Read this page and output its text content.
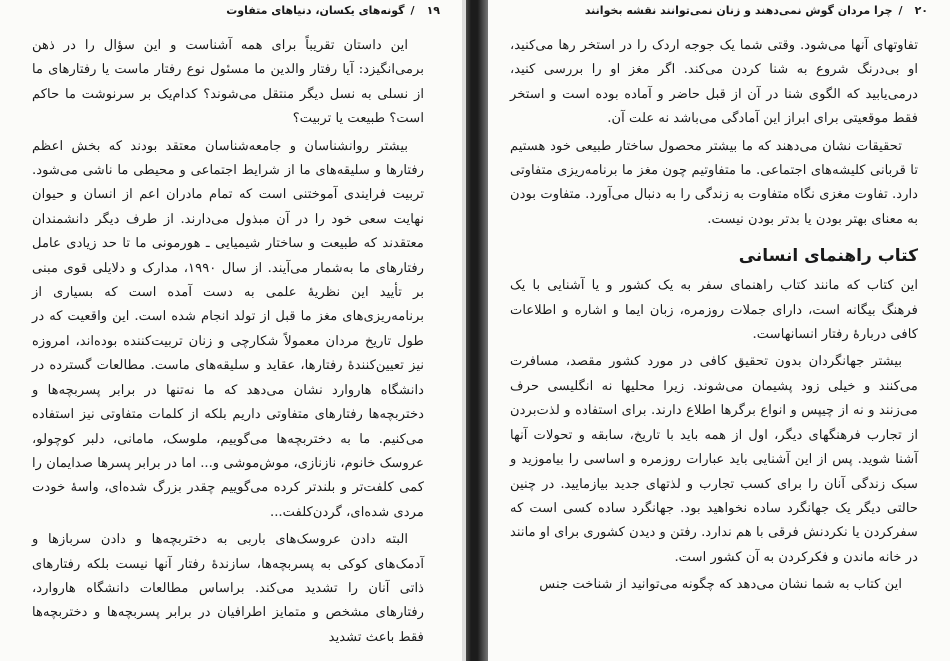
۱۹/گونه‌های یکسان، دنیاهای متفاوت

این داستان تقریباً برای همه آشناست و این سؤال را در ذهن برمی‌انگیزد: آیا رفتار والدین ما مسئول نوع رفتار ماست یا رفتارهای ما از نسلی به نسل دیگر منتقل می‌شوند؟ کدام‌یک بر سرنوشت ما حاکم است؟ طبیعت یا تربیت؟

بیشتر روانشناسان و جامعه‌شناسان معتقد بودند که بخش اعظم رفتارها و سلیقه‌های ما از شرایط اجتماعی و محیطی ما ناشی می‌شود. تربیت فرایندی آموختنی است که تمام مادران اعم از انسان و حیوان نهایت سعی خود را در آن مبذول می‌دارند. از طرف دیگر دانشمندان معتقدند که طبیعت و ساختار شیمیایی ـ هورمونی ما تا حد زیادی عامل رفتارهای ما به‌شمار می‌آیند. از سال ۱۹۹۰، مدارک و دلایلی قوی مبنی بر تأیید این نظریهٔ علمی به دست آمده است که بسیاری از برنامه‌ریزی‌های مغز ما قبل از تولد انجام شده است. این واقعیت که در طول تاریخ مردان معمولاً شکارچی و زنان تربیت‌کننده بوده‌اند، امروزه نیز تعیین‌کنندهٔ رفتارها، عقاید و سلیقه‌های ماست. مطالعات گسترده در دانشگاه هاروارد نشان می‌دهد که ما نه‌تنها در برابر پسربچه‌ها و دختربچه‌ها رفتارهای متفاوتی داریم بلکه از کلمات متفاوتی نیز استفاده می‌کنیم. ما به دختربچه‌ها می‌گوییم، ملوسک، مامانی، دلبر کوچولو، عروسک خانوم، نازنازی، موش‌موشی و... اما در برابر پسرها صدایمان را کمی کلفت‌تر و بلندتر کرده می‌گوییم چقدر بزرگ شده‌ای، واسهٔ خودت مردی شده‌ای، گردن‌کلفت...

البته دادن عروسک‌های باربی به دختربچه‌ها و دادن سربازها و آدمک‌های کوکی به پسربچه‌ها، سازندهٔ رفتار آنها نیست بلکه رفتارهای ذاتی آنان را تشدید می‌کند. براساس مطالعات دانشگاه هاروارد، رفتارهای مشخص و متمایز اطرافیان در برابر پسربچه‌ها و دختربچه‌ها فقط باعث تشدید

۲۰/چرا مردان گوش نمی‌دهند و زنان نمی‌توانند نقشه بخوانند

تفاوتهای آنها می‌شود. وقتی شما یک جوجه اردک را در استخر رها می‌کنید، او بی‌درنگ شروع به شنا کردن می‌کند. اگر مغز او را بررسی کنید، درمی‌یابید که الگوی شنا در آن از قبل حاضر و آماده بوده است و استخر فقط موقعیتی برای ابراز این آمادگی می‌باشد نه علت آن.

تحقیقات نشان می‌دهند که ما بیشتر محصول ساختار طبیعی خود هستیم تا قربانی کلیشه‌های اجتماعی. ما متفاوتیم چون مغز ما برنامه‌ریزی متفاوتی دارد. تفاوت مغزی نگاه متفاوت به زندگی را به دنبال می‌آورد. متفاوت بودن به معنای بهتر بودن یا بدتر بودن نیست.

کتاب راهنمای انسانی

این کتاب که مانند کتاب راهنمای سفر به یک کشور و یا آشنایی با یک فرهنگ بیگانه است، دارای جملات روزمره، زبان ایما و اشاره و اطلاعات کافی دربارهٔ رفتار انسانهاست.

بیشتر جهانگردان بدون تحقیق کافی در مورد کشور مقصد، مسافرت می‌کنند و خیلی زود پشیمان می‌شوند. زیرا محلیها نه انگلیسی حرف می‌زنند و نه از چیپس و انواع برگرها اطلاع دارند. برای استفاده و لذت‌بردن از تجارب فرهنگهای دیگر، اول از همه باید با تاریخ، سابقه و تحولات آنها آشنا شوید. پس از این آشنایی باید عبارات روزمره و اساسی را بیاموزید و سبک زندگی آنان را برای کسب تجارب و لذتهای جدید بیازمایید. در چنین حالتی دیگر یک جهانگرد ساده نخواهید بود. جهانگرد ساده کسی است که سفرکردن یا نکردنش فرقی با هم ندارد. رفتن و دیدن کشوری برای او مانند در خانه ماندن و فکرکردن به آن کشور است.

این کتاب به شما نشان می‌دهد که چگونه می‌توانید از شناخت جنس
